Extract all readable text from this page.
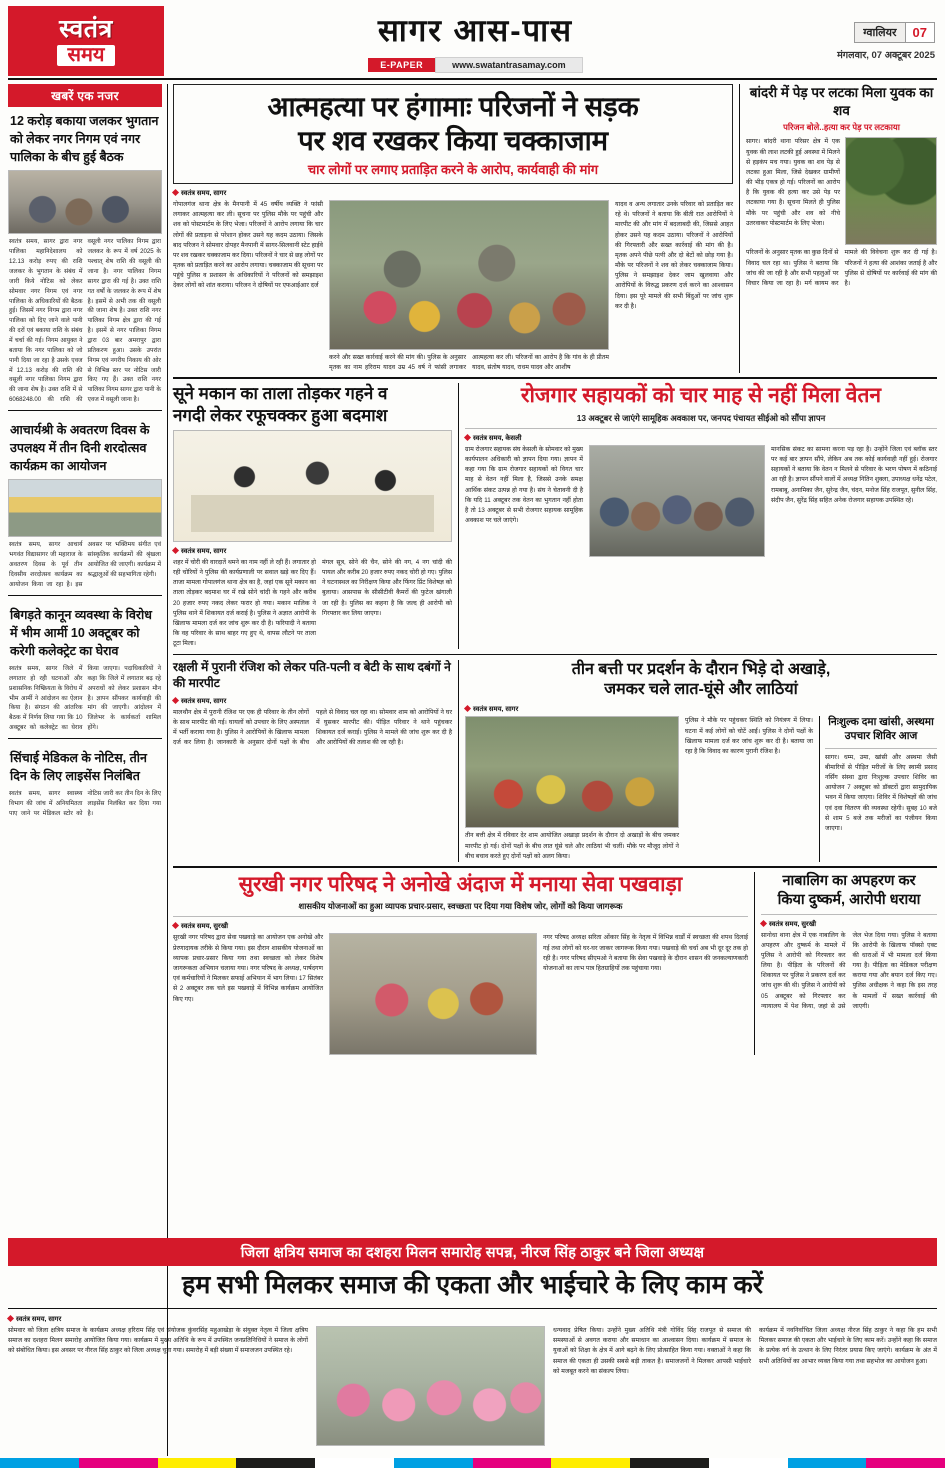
स्वतंत्र
समय
सागर आस-पास
E-PAPER	www.swatantrasamay.com
ग्वालियर	07
मंगलवार, 07 अक्टूबर 2025
खबरें एक नजर
12 करोड़ बकाया जलकर भुगतान को लेकर नगर निगम एवं नगर पालिका के बीच हुई बैठक
स्वतंत्र समय, सागर द्वारा नगर पालिका महानिदेशालय को 12.13 करोड़ रुपए की राशि जलकर के भुगतान के संबंध में जारी किये नोटिस को लेकर सोमवार नगर निगम एवं नगर पालिका के अधिकारियों की बैठक हुई। जिसमें नगर निगम द्वारा नगर पालिका को दिए जाने वाले पानी की दरों एवं बकाया राशि के संबंध में चर्चा की गई। निगम आयुक्त ने बताया कि नगर पालिका को जो पानी दिया जा रहा है उसके एवज में 12.13 करोड़ की राशि की वसूली नगर पालिका निगम द्वारा की जाना शेष है। उक्त राशि में से 6068248.00 की राशि की वसूली नगर पालिका निगम द्वारा जलकर के रूप में वर्ष 2025 के पश्चात् शेष राशि की वसूली की जाना है। नगर पालिका निगम सागर द्वारा की गई है। उक्त राशि गत वर्षों के जलकर के रूप में शेष है। इसमें से अभी तक की वसूली की जाना शेष है। उक्त राशि नगर पालिका निगम क्षेत्र द्वारा की गई है। इसमें से नगर पालिका निगम द्वारा 03 बार अमरापुर द्वारा प्रतिकरण हुआ। उसके उपरांत निगम एवं नगरीय निकाय की ओर से विभिन्न स्तर पर नोटिस जारी किए गए हैं। उक्त राशि नगर पालिका निगम सागर द्वारा पानी के एवज में वसूली जाना है।
आचार्यश्री के अवतरण दिवस के उपलक्ष्य में तीन दिनी शरदोत्सव कार्यक्रम का आयोजन
स्वतंत्र समय, सागर आचार्य भगवंत विद्यासागर जी महाराज के अवतरण दिवस के पूर्व तीन दिवसीय शरदोत्सव कार्यक्रम का आयोजन किया जा रहा है। इस अवसर पर भक्तिमय संगीत एवं सांस्कृतिक कार्यक्रमों की श्रृंखला आयोजित की जाएगी। कार्यक्रम में श्रद्धालुओं की सहभागिता रहेगी।
बिगड़ते कानून व्यवस्था के विरोध में भीम आर्मी 10 अक्टूबर को करेगी कलेक्ट्रेट का घेराव
स्वतंत्र समय, सागर जिले में लगातार हो रही घटनाओं और प्रशासनिक निष्क्रियता के विरोध में भीम आर्मी ने आंदोलन का ऐलान किया है। संगठन की आंतरिक बैठक में निर्णय लिया गया कि 10 अक्टूबर को कलेक्ट्रेट का घेराव किया जाएगा। पदाधिकारियों ने कहा कि जिले में लगातार बढ़ रहे अपराधों को लेकर प्रशासन मौन है। ज्ञापन सौंपकर कार्यवाही की मांग की जाएगी। आंदोलन में जिलेभर के कार्यकर्ता शामिल होंगे।
सिंचाई मेडिकल के नोटिस, तीन दिन के लिए लाइसेंस निलंबित
स्वतंत्र समय, सागर स्वास्थ्य विभाग की जांच में अनियमितता पाए जाने पर मेडिकल स्टोर को नोटिस जारी कर तीन दिन के लिए लाइसेंस निलंबित कर दिया गया है।
आत्महत्या पर हंगामाः परिजनों ने सड़क
पर शव रखकर किया चक्काजाम
चार लोगों पर लगाए प्रताड़ित करने के आरोप, कार्यवाही की मांग
स्वतंत्र समय, सागर
गोपालगंज थाना क्षेत्र के मैनपानी में 45 वर्षीय व्यक्ति ने फांसी लगाकर आत्महत्या कर ली। सूचना पर पुलिस मौके पर पहुंची और शव को पोस्टमार्टम के लिए भेजा। परिजनों ने आरोप लगाया कि चार लोगों की प्रताड़ना से परेशान होकर उसने यह कदम उठाया। जिसके बाद परिजन ने सोमवार दोपहर मैनपानी में सागर-सिलवानी स्टेट हाईवे पर शव रखकर चक्काजाम कर दिया। परिजनों ने चार से छह लोगों पर मृतक को प्रताड़ित करने का आरोप लगाया। चक्काजाम की सूचना पर पहुंचे पुलिस व प्रशासन के अधिकारियों ने परिजनों को समझाइश देकर लोगों को शांत कराया। परिजन ने दोषियों पर एफआईआर दर्ज
करने और सख्त कार्रवाई करने की मांग की। पुलिस के अनुसार मृतक का नाम हरिराम यादव उम्र 45 वर्ष ने फांसी लगाकर आत्महत्या कर ली। परिजनों का आरोप है कि गांव के ही प्रीतम यादव, संतोष यादव, राधम यादव और आशीष
यादव व अन्य लगातार उनके परिवार को प्रताड़ित कर रहे थे। परिजनों ने बताया कि बीती रात आरोपियों ने मारपीट की और मांग में बदलाबदी की, जिससे आहत होकर उसने यह कदम उठाया। परिजनों ने आरोपियों की गिरफ्तारी और सख्त कार्रवाई की मांग की है। मृतक अपने पीछे पत्नी और दो बेटों को छोड़ गया है। मौके पर परिजनों ने शव को लेकर चक्काजाम किया। पुलिस ने समझाइश देकर जाम खुलवाया और आरोपियों के विरुद्ध प्रकरण दर्ज करने का आश्वासन दिया। इस पूरे मामले की सभी बिंदुओं पर जांच शुरू कर दी है।
बांदरी में पेड़ पर लटका मिला युवक का शव
परिजन बोले..हत्या कर पेड़ पर लटकाया
सागर। बांदरी थाना परिसर क्षेत्र में एक युवक की लाश लटकी हुई अवस्था में मिलने से हड़कंप मच गया। युवक का शव पेड़ से लटका हुआ मिला, जिसे देखकर ग्रामीणों की भीड़ एकत्र हो गई। परिजनों का आरोप है कि युवक की हत्या कर उसे पेड़ पर लटकाया गया है। सूचना मिलते ही पुलिस मौके पर पहुंची और शव को नीचे उतरवाकर पोस्टमार्टम के लिए भेजा।
परिजनों के अनुसार मृतक का कुछ दिनों से विवाद चल रहा था। पुलिस ने बताया कि जांच की जा रही है और सभी पहलुओं पर विचार किया जा रहा है। मर्ग कायम कर मामले की विवेचना शुरू कर दी गई है। परिजनों ने हत्या की आशंका जताई है और पुलिस से दोषियों पर कार्रवाई की मांग की है।
सूने मकान का ताला तोड़कर गहने व
नगदी लेकर रफूचक्कर हुआ बदमाश
स्वतंत्र समय, सागर
शहर में चोरी की वारदातें थमने का नाम नहीं ले रही हैं। लगातार हो रही चोरियों ने पुलिस की कार्यप्रणाली पर सवाल खड़े कर दिए हैं। ताजा मामला गोपालगंज थाना क्षेत्र का है, जहां एक सूने मकान का ताला तोड़कर बदमाश घर में रखे सोने चांदी के गहने और करीब 20 हजार रुपए नकद लेकर फरार हो गया। मकान मालिक ने पुलिस थाने में शिकायत दर्ज कराई है। पुलिस ने अज्ञात आरोपी के खिलाफ मामला दर्ज कर जांच शुरू कर दी है। फरियादी ने बताया कि वह परिवार के साथ बाहर गए हुए थे, वापस लौटने पर ताला टूटा मिला।
मंगल सूत्र, सोने की चैन, सोने की नग, 4 नग चांदी की पायल और करीब 20 हजार रुपए नकद चोरी हो गए। पुलिस ने घटनास्थल का निरीक्षण किया और फिंगर प्रिंट विशेषज्ञ को बुलाया। आसपास के सीसीटीवी कैमरों की फुटेज खंगाली जा रही है। पुलिस का कहना है कि जल्द ही आरोपी को गिरफ्तार कर लिया जाएगा।
रोजगार सहायकों को चार माह से नहीं मिला वेतन
13 अक्टूबर से जाएंगे सामूहिक अवकाश पर, जनपद पंचायत सीईओ को सौंपा ज्ञापन
स्वतंत्र समय, केसली
ग्राम रोजगार सहायक संघ केसली के सोमवार को मुख्य कार्यपालन अधिकारी को ज्ञापन दिया गया। ज्ञापन में कहा गया कि ग्राम रोजगार सहायकों को विगत चार माह से वेतन नहीं मिला है, जिससे उनके समक्ष आर्थिक संकट उत्पन्न हो गया है। संघ ने चेतावनी दी है कि यदि 11 अक्टूबर तक वेतन का भुगतान नहीं होता है तो 13 अक्टूबर से सभी रोजगार सहायक सामूहिक अवकाश पर चले जाएंगे।
मानसिक संकट का सामना करना पड़ रहा है। उन्होंने जिला एवं ब्लॉक स्तर पर कई बार ज्ञापन सौंपे, लेकिन अब तक कोई कार्यवाही नहीं हुई। रोजगार सहायकों ने बताया कि वेतन न मिलने से परिवार के भरण पोषण में कठिनाई आ रही है। ज्ञापन सौंपने वालों में अध्यक्ष नितिन शुक्ला, उपाध्यक्ष धनेंद्र पटेल, रामबाबू, अनामिका जैन, सुरेन्द्र जैन, चंदन, मनोज सिंह राजपूत, सुनील सिंह, संदीप जैन, सुरेंद्र सिंह सहित अनेक रोजगार सहायक उपस्थित रहे।
रक्षली में पुरानी रंजिश को लेकर पति-पत्नी व बेटी के साथ दबंगों ने की मारपीट
स्वतंत्र समय, सागर
मालथौन क्षेत्र में पुरानी रंजिश पर एक ही परिवार के तीन लोगों के साथ मारपीट की गई। घायलों को उपचार के लिए अस्पताल में भर्ती कराया गया है। पुलिस ने आरोपियों के खिलाफ मामला दर्ज कर लिया है। जानकारी के अनुसार दोनों पक्षों के बीच पहले से विवाद चल रहा था। सोमवार शाम को आरोपियों ने घर में घुसकर मारपीट की। पीड़ित परिवार ने थाने पहुंचकर शिकायत दर्ज कराई। पुलिस ने मामले की जांच शुरू कर दी है और आरोपियों की तलाश की जा रही है।
तीन बत्ती पर प्रदर्शन के दौरान भिड़े दो अखाड़े,
जमकर चले लात-घूंसे और लाठियां
स्वतंत्र समय, सागर
तीन बत्ती क्षेत्र में रविवार देर शाम आयोजित अखाड़ा प्रदर्शन के दौरान दो अखाड़ों के बीच जमकर मारपीट हो गई। दोनों पक्षों के बीच लात घूंसे चले और लाठियां भी चलीं। मौके पर मौजूद लोगों ने बीच बचाव करते हुए दोनों पक्षों को अलग किया।
पुलिस ने मौके पर पहुंचकर स्थिति को नियंत्रण में लिया। घटना में कई लोगों को चोटें आईं। पुलिस ने दोनों पक्षों के खिलाफ मामला दर्ज कर जांच शुरू कर दी है। बताया जा रहा है कि विवाद का कारण पुरानी रंजिश है।
निःशुल्क दमा खांसी, अस्थमा उपचार शिविर आज
सागर। धम्म, उमा, खांसी और अस्थमा जैसी बीमारियों से पीड़ित मरीजों के लिए स्वामी प्रसाद नर्सिंग संस्था द्वारा निःशुल्क उपचार शिविर का आयोजन 7 अक्टूबर को डॉक्टरों द्वारा सामुदायिक भवन में किया जाएगा। शिविर में विशेषज्ञों की जांच एवं दवा वितरण की व्यवस्था रहेगी। सुबह 10 बजे से शाम 5 बजे तक मरीजों का पंजीयन किया जाएगा।
सुरखी नगर परिषद ने अनोखे अंदाज में मनाया सेवा पखवाड़ा
शासकीय योजनाओं का हुआ व्यापक प्रचार-प्रसार, स्वच्छता पर दिया गया विशेष जोर, लोगों को किया जागरूक
स्वतंत्र समय, सुरखी
सुरखी नगर परिषद द्वारा सेवा पखवाड़े का आयोजन एक अनोखे और प्रेरणादायक तरीके से किया गया। इस दौरान शासकीय योजनाओं का व्यापक प्रचार-प्रसार किया गया तथा स्वच्छता को लेकर विशेष जागरूकता अभियान चलाया गया। नगर परिषद के अध्यक्ष, पार्षदगण एवं कर्मचारियों ने मिलकर सफाई अभियान में भाग लिया। 17 सितंबर से 2 अक्टूबर तक चले इस पखवाड़े में विभिन्न कार्यक्रम आयोजित किए गए।
नगर परिषद अध्यक्ष सरिता ओंकार सिंह के नेतृत्व में विभिन्न वार्डों में स्वच्छता की शपथ दिलाई गई तथा लोगों को घर-घर जाकर जागरूक किया गया। पखवाड़े की चर्चा अब भी दूर दूर तक हो रही है। नगर परिषद सीएमओ ने बताया कि सेवा पखवाड़े के दौरान शासन की जनकल्याणकारी योजनाओं का लाभ पात्र हितग्राहियों तक पहुंचाया गया।
नाबालिग का अपहरण कर
किया दुष्कर्म, आरोपी धराया
स्वतंत्र समय, सुरखी
सानोधा थाना क्षेत्र में एक नाबालिग के अपहरण और दुष्कर्म के मामले में पुलिस ने आरोपी को गिरफ्तार कर लिया है। पीड़िता के परिजनों की शिकायत पर पुलिस ने प्रकरण दर्ज कर जांच शुरू की थी। पुलिस ने आरोपी को 05 अक्टूबर को गिरफ्तार कर न्यायालय में पेश किया, जहां से उसे जेल भेज दिया गया। पुलिस ने बताया कि आरोपी के खिलाफ पॉक्सो एक्ट की धाराओं में भी मामला दर्ज किया गया है। पीड़िता का मेडिकल परीक्षण कराया गया और बयान दर्ज किए गए। पुलिस अधीक्षक ने कहा कि इस तरह के मामलों में सख्त कार्रवाई की जाएगी।
जिला क्षत्रिय समाज का दशहरा मिलन समारोह सपन्न, नीरज सिंह ठाकुर बने जिला अध्यक्ष
हम सभी मिलकर समाज की एकता और भाईचारे के लिए काम करें
स्वतंत्र समय, सागर
सोमवार को जिला क्षत्रिय समाज के कार्यक्रम अध्यक्ष हरिराम सिंह एवं संयोजक कुंवरसिंह महुआखेड़ा के संयुक्त नेतृत्व में जिला क्षत्रिय समाज का दशहरा मिलन समारोह आयोजित किया गया। कार्यक्रम में मुख्य अतिथि के रूप में उपस्थित जनप्रतिनिधियों ने समाज के लोगों को संबोधित किया। इस अवसर पर नीरज सिंह ठाकुर को जिला अध्यक्ष चुना गया। समारोह में बड़ी संख्या में समाजजन उपस्थित रहे।
धन्यवाद प्रेषित किया। उन्होंने मुख्य अतिथि मंत्री गोविंद सिंह राजपूत से समाज की समस्याओं से अवगत कराया और समाधान का आश्वासन दिया। कार्यक्रम में समाज के युवाओं को शिक्षा के क्षेत्र में आगे बढ़ने के लिए प्रोत्साहित किया गया। वक्ताओं ने कहा कि समाज की एकता ही उसकी सबसे बड़ी ताकत है। समाजजनों ने मिलकर आपसी भाईचारे को मजबूत करने का संकल्प लिया।
कार्यक्रम में नवनिर्वाचित जिला अध्यक्ष नीरज सिंह ठाकुर ने कहा कि हम सभी मिलकर समाज की एकता और भाईचारे के लिए काम करें। उन्होंने कहा कि समाज के प्रत्येक वर्ग के उत्थान के लिए निरंतर प्रयास किए जाएंगे। कार्यक्रम के अंत में सभी अतिथियों का आभार व्यक्त किया गया तथा सहभोज का आयोजन हुआ।
